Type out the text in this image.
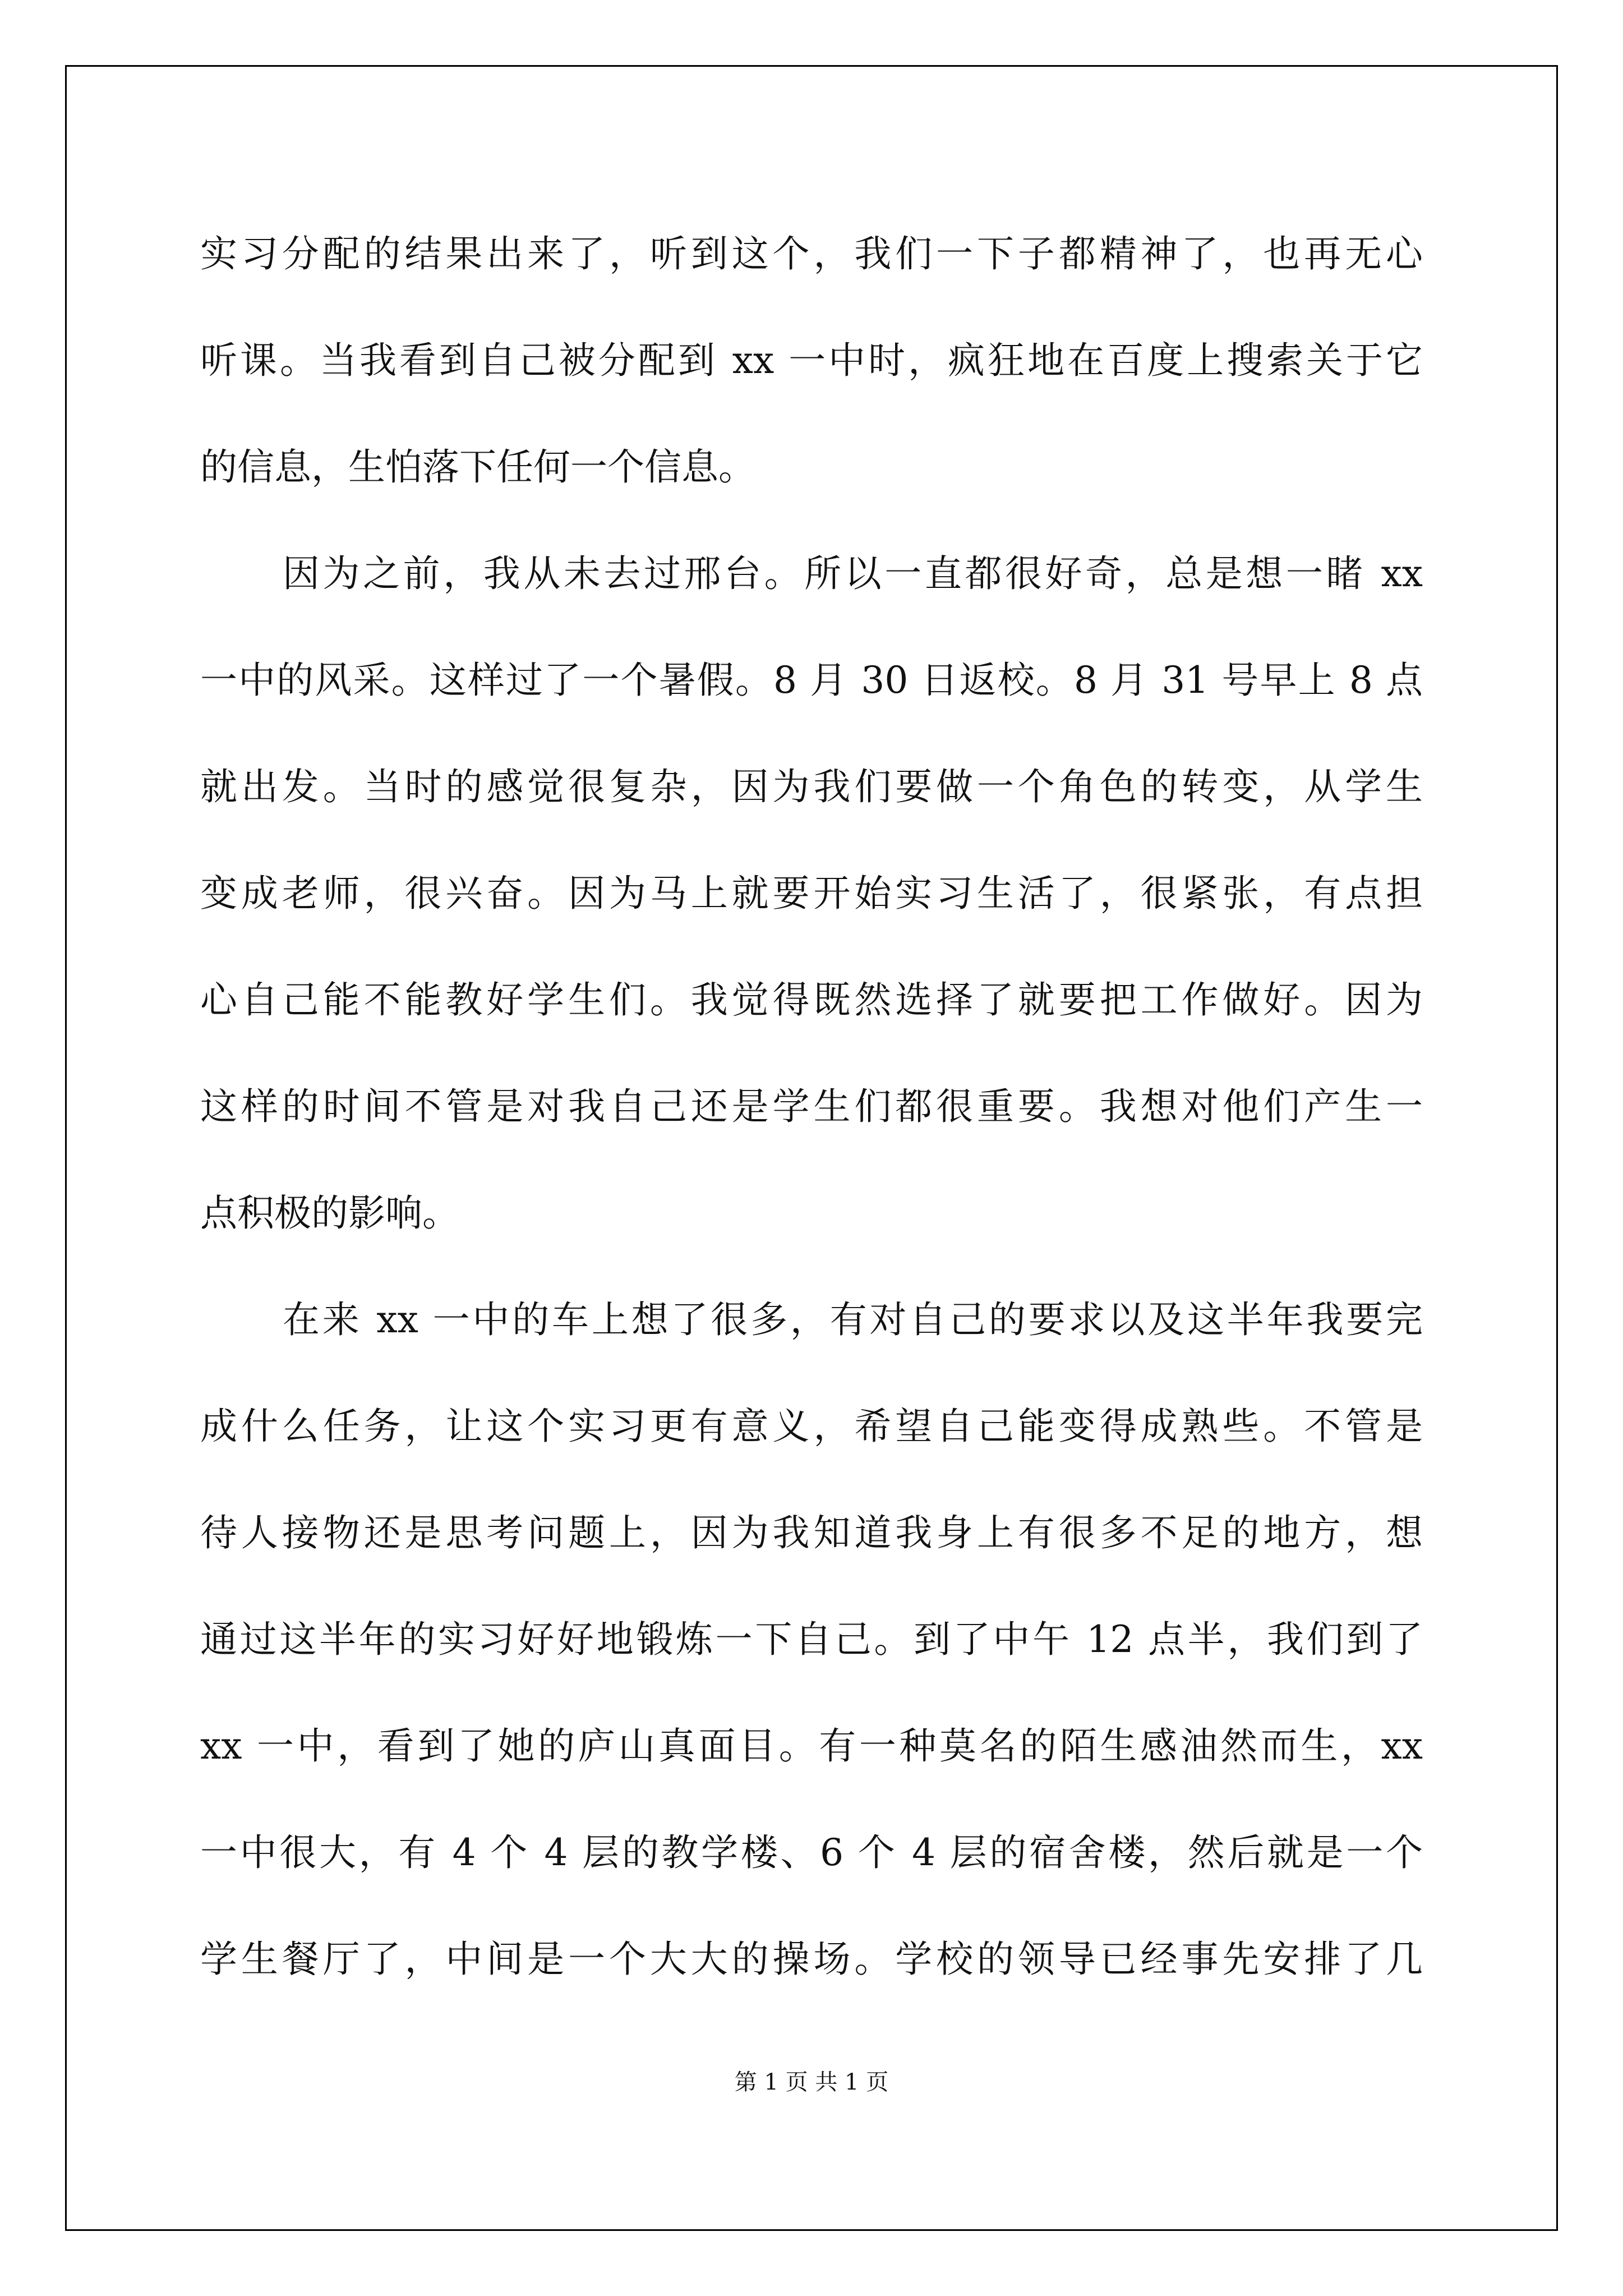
实习分配的结果出来了，听到这个，我们一下子都精神了，也再无心
听课。当我看到自己被分配到 xx 一中时，疯狂地在百度上搜索关于它
的信息，生怕落下任何一个信息。

因为之前，我从未去过邢台。所以一直都很好奇，总是想一睹 xx
一中的风采。这样过了一个暑假。8 月 30 日返校。8 月 31 号早上 8 点
就出发。当时的感觉很复杂，因为我们要做一个角色的转变，从学生
变成老师，很兴奋。因为马上就要开始实习生活了，很紧张，有点担
心自己能不能教好学生们。我觉得既然选择了就要把工作做好。因为
这样的时间不管是对我自己还是学生们都很重要。我想对他们产生一
点积极的影响。

在来 xx 一中的车上想了很多，有对自己的要求以及这半年我要完
成什么任务，让这个实习更有意义，希望自己能变得成熟些。不管是
待人接物还是思考问题上，因为我知道我身上有很多不足的地方，想
通过这半年的实习好好地锻炼一下自己。到了中午 12 点半，我们到了
xx 一中，看到了她的庐山真面目。有一种莫名的陌生感油然而生，xx
一中很大，有 4 个 4 层的教学楼、6 个 4 层的宿舍楼，然后就是一个
学生餐厅了，中间是一个大大的操场。学校的领导已经事先安排了几

第 1 页 共 1 页
